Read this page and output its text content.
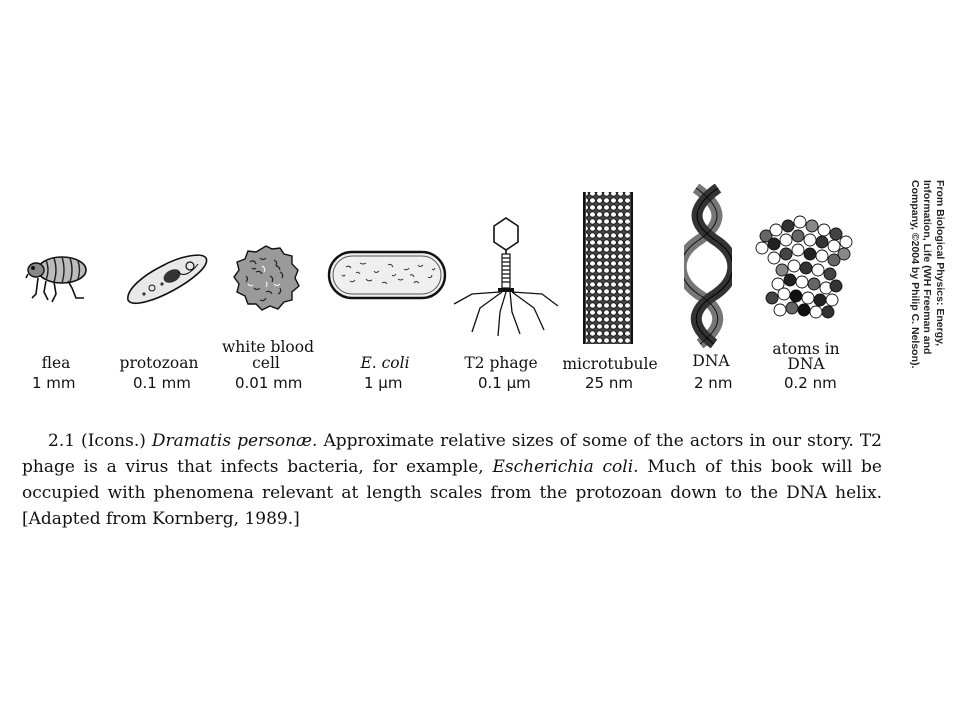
flea
1 mm
protozoan
0.1 mm
white blood
cell
0.01 mm
E. coli
1 μm
T2 phage
0.1 μm
microtubule
25 nm
DNA
2 nm
atoms in
DNA
0.2 nm

2.1 (Icons.) Dramatis personæ. Approximate relative sizes of some of the actors in our story. T2 phage is a virus that infects bacteria, for example, Escherichia coli. Much of this book will be occupied with phenomena relevant at length scales from the protozoan down to the DNA helix. [Adapted from Kornberg, 1989.]

From Biological Physics: Energy,
Information, Life (WH Freeman and
Company, ©2004 by Philip C. Nelson).
